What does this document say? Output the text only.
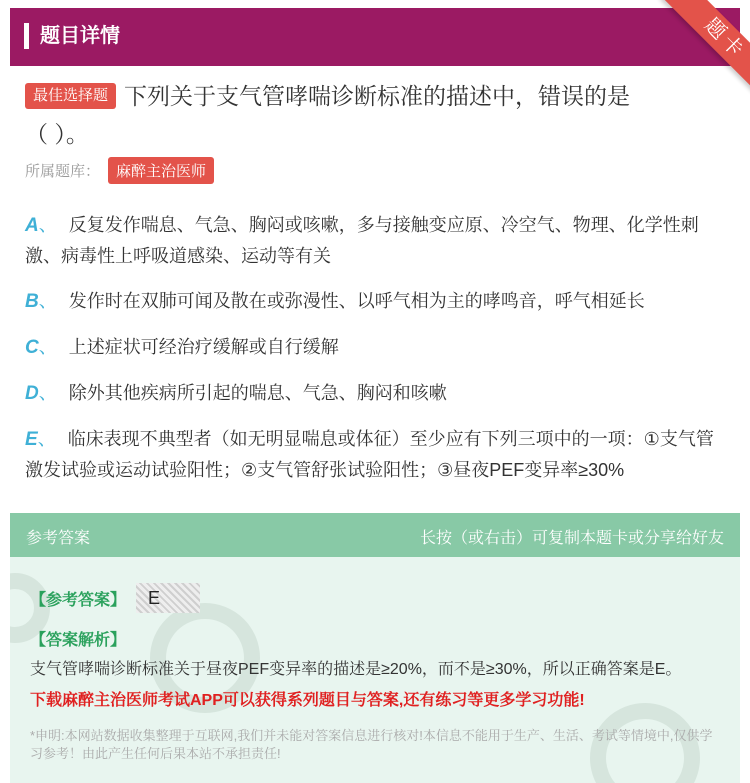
题目详情	题卡
最佳选择题 下列关于支气管哮喘诊断标准的描述中，错误的是
（ ）。
所属题库：	麻醉主治医师
A、 反复发作喘息、气急、胸闷或咳嗽，多与接触变应原、冷空气、物理、化学性刺激、病毒性上呼吸道感染、运动等有关
B、 发作时在双肺可闻及散在或弥漫性、以呼气相为主的哮鸣音，呼气相延长
C、 上述症状可经治疗缓解或自行缓解
D、 除外其他疾病所引起的喘息、气急、胸闷和咳嗽
E、 临床表现不典型者（如无明显喘息或体征）至少应有下列三项中的一项：①支气管激发试验或运动试验阳性；②支气管舒张试验阳性；③昼夜PEF变异率≥30%
参考答案	长按（或右击）可复制本题卡或分享给好友
【参考答案】	E
【答案解析】
支气管哮喘诊断标准关于昼夜PEF变异率的描述是≥20%，而不是≥30%，所以正确答案是E。
下载麻醉主治医师考试APP可以获得系列题目与答案,还有练习等更多学习功能!
*申明:本网站数据收集整理于互联网,我们并未能对答案信息进行核对!本信息不能用于生产、生活、考试等情境中,仅供学习参考！由此产生任何后果本站不承担责任!
